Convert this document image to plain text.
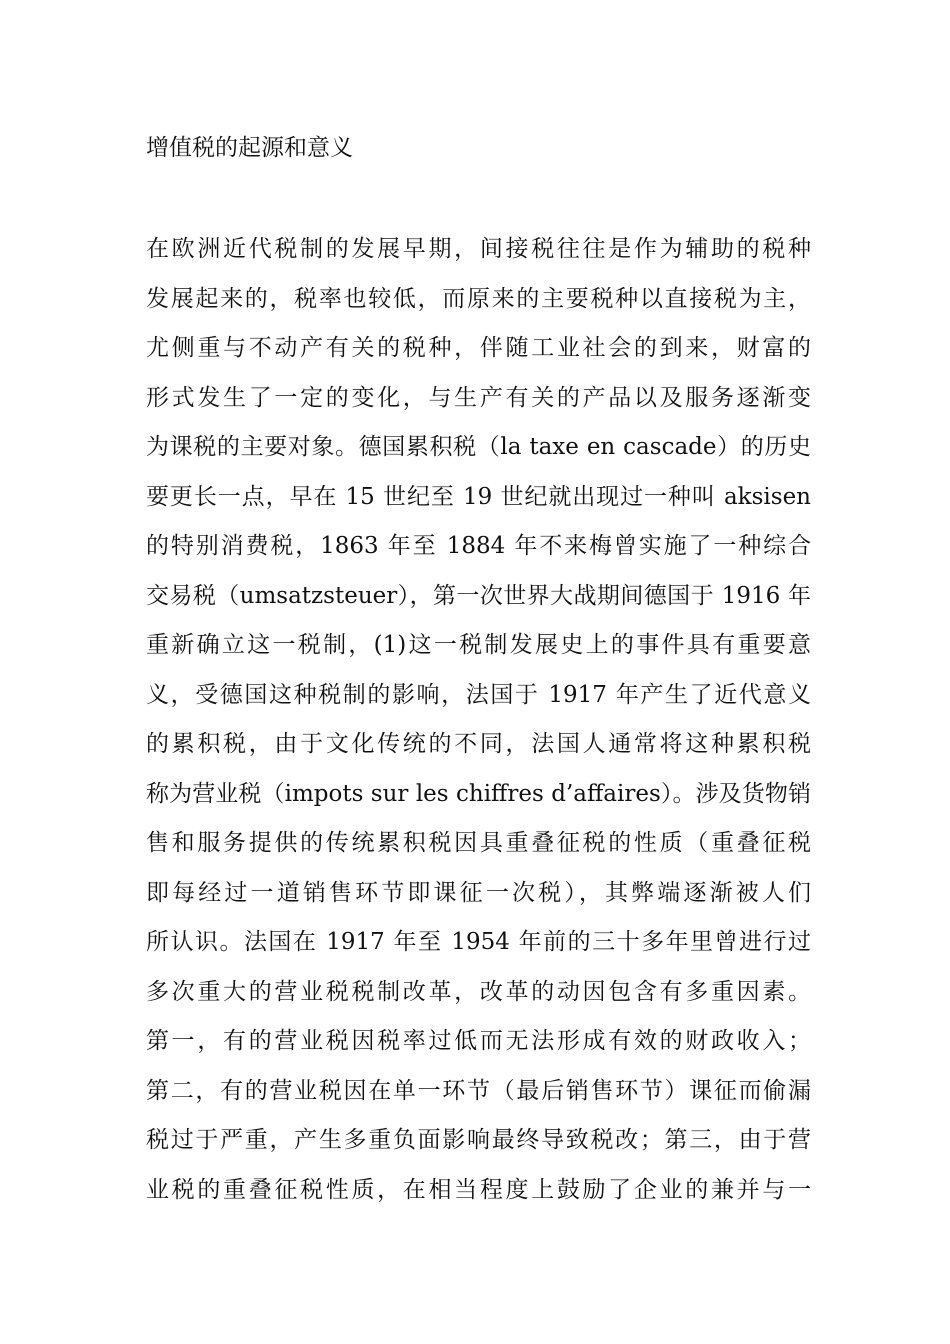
增值税的起源和意义
在欧洲近代税制的发展早期，间接税往往是作为辅助的税种
发展起来的，税率也较低，而原来的主要税种以直接税为主，
尤侧重与不动产有关的税种，伴随工业社会的到来，财富的
形式发生了一定的变化，与生产有关的产品以及服务逐渐变
为课税的主要对象。德国累积税（la taxe en cascade）的历史
要更长一点，早在 15 世纪至 19 世纪就出现过一种叫 aksisen
的特别消费税，1863 年至 1884 年不来梅曾实施了一种综合
交易税（umsatzsteuer），第一次世界大战期间德国于 1916 年
重新确立这一税制，(1)这一税制发展史上的事件具有重要意
义，受德国这种税制的影响，法国于 1917 年产生了近代意义
的累积税，由于文化传统的不同，法国人通常将这种累积税
称为营业税（impots sur les chiffres d’affaires）。涉及货物销
售和服务提供的传统累积税因具重叠征税的性质（重叠征税
即每经过一道销售环节即课征一次税），其弊端逐渐被人们
所认识。法国在 1917 年至 1954 年前的三十多年里曾进行过
多次重大的营业税税制改革，改革的动因包含有多重因素。
第一，有的营业税因税率过低而无法形成有效的财政收入；
第二，有的营业税因在单一环节（最后销售环节）课征而偷漏
税过于严重，产生多重负面影响最终导致税改；第三，由于营
业税的重叠征税性质，在相当程度上鼓励了企业的兼并与一
